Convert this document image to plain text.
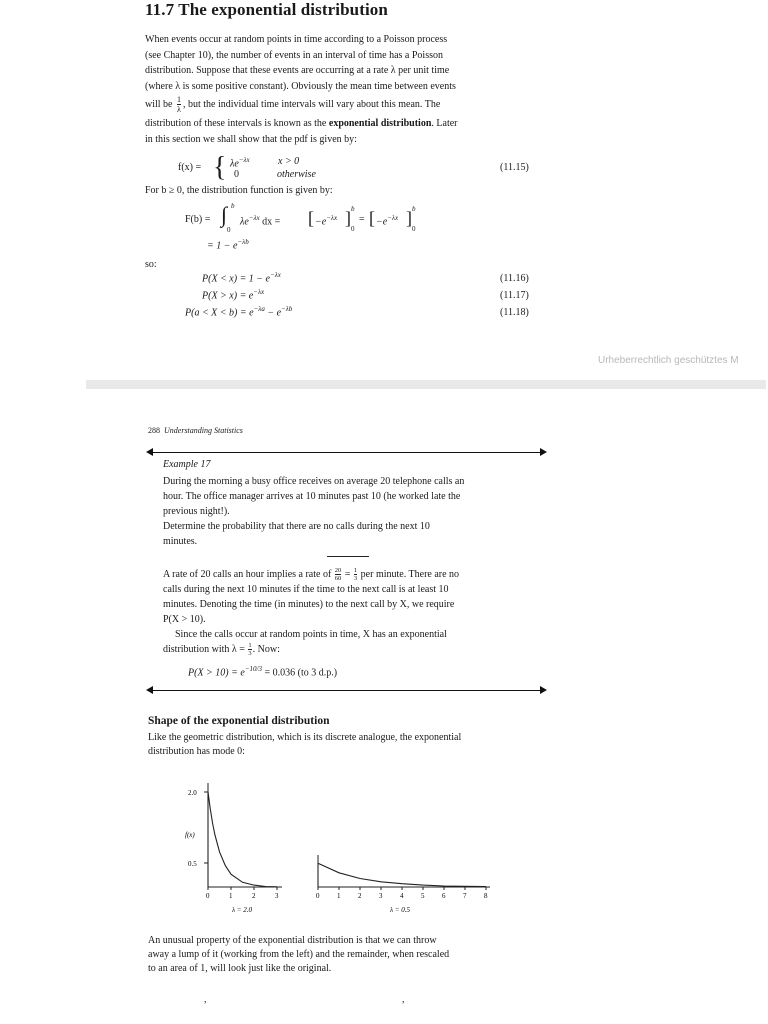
11.7 The exponential distribution
When events occur at random points in time according to a Poisson process
(see Chapter 10), the number of events in an interval of time has a Poisson
distribution. Suppose that these events are occurring at a rate λ per unit time
(where λ is some positive constant). Obviously the mean time between events
will be $\frac{1}{\lambda}$ , but the individual time intervals will vary about this mean. The
distribution of these intervals is known as the exponential distribution. Later
in this section we shall show that the pdf is given by:
f(x) = { $\lambda e^{-\lambda x}$	x > 0
0	otherwise
(11.15)
For b ≥ 0, the distribution function is given by:
F(b) = ∫ b
0
$\lambda e^{-\lambda x}$ dx = [ $-e^{-\lambda x}$ ] b
0
= [ $-e^{-\lambda x}$ ] b
0
= $1 - e^{-\lambda b}$
so:
$P(X < x) = 1 - e^{-\lambda x}$	(11.16)
$P(X > x) = e^{-\lambda x}$	(11.17)
$P(a < X < b) = e^{-\lambda a} - e^{-\lambda b}$	(11.18)
Urheberrechtlich geschütztes M
288 Understanding Statistics
Example 17
During the morning a busy office receives on average 20 telephone calls an
hour. The office manager arrives at 10 minutes past 10 (he worked late the
previous night!).
Determine the probability that there are no calls during the next 10
minutes.
A rate of 20 calls an hour implies a rate of $\frac{20}{60} = \frac{1}{3}$ per minute. There are no
calls during the next 10 minutes if the time to the next call is at least 10
minutes. Denoting the time (in minutes) to the next call by X, we require
P(X > 10).
Since the calls occur at random points in time, X has an exponential
distribution with $\lambda = \frac{1}{3}$ . Now:
$P(X > 10) = e^{-10/3} = 0.036$ (to 3 d.p.)
Shape of the exponential distribution
Like the geometric distribution, which is its discrete analogue, the exponential
distribution has mode 0:
0	1	2	3
2.0
f(x)
0.5
λ = 2.0
0	1	2	3	4	5	6	7	8
λ = 0.5
An unusual property of the exponential distribution is that we can throw
away a lump of it (working from the left) and the remainder, when rescaled
to an area of 1, will look just like the original.
,	,
